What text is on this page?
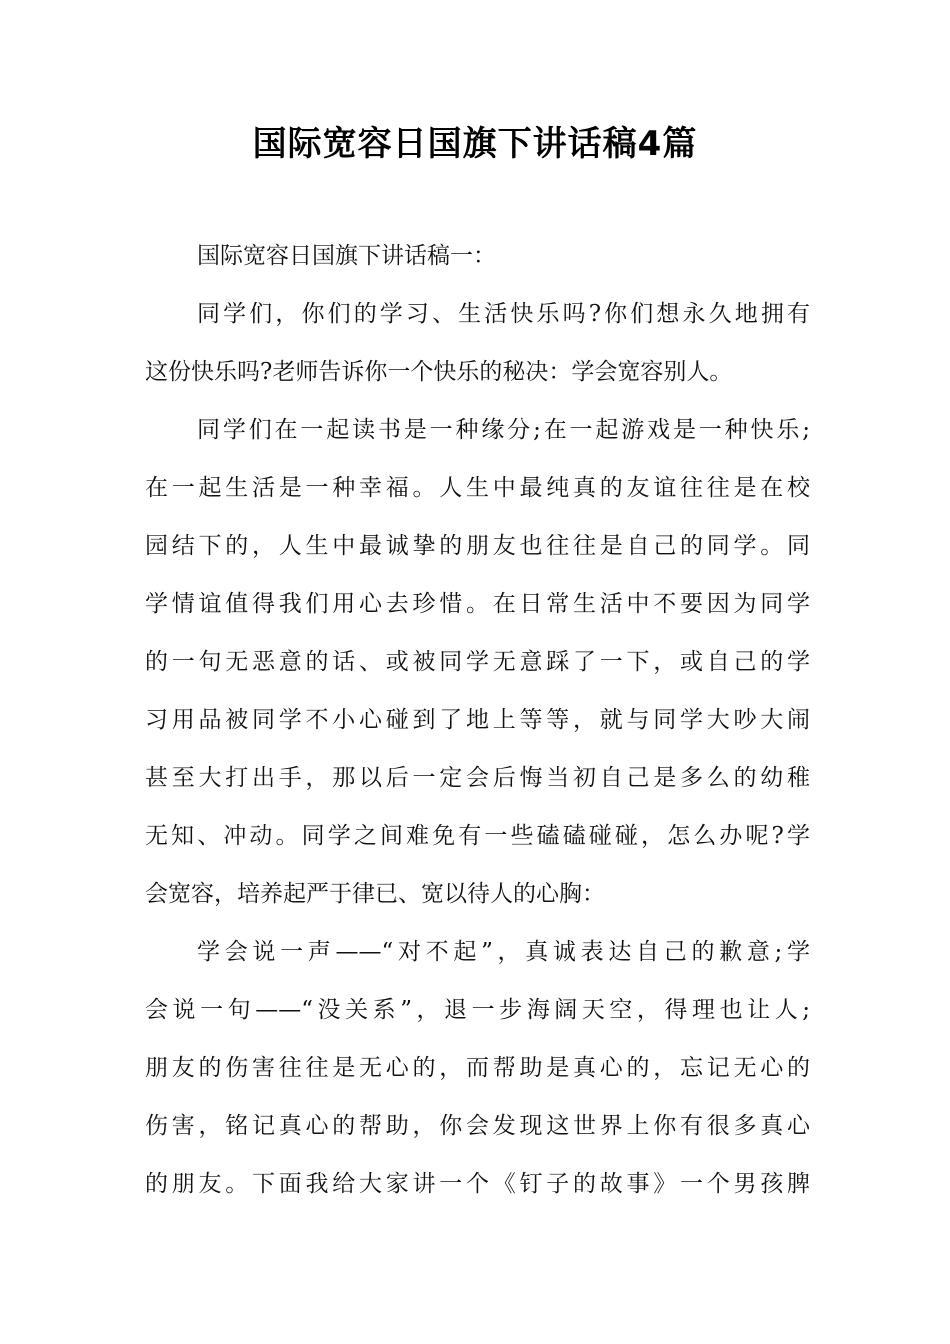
国际宽容日国旗下讲话稿4篇
国际宽容日国旗下讲话稿一：
同学们，你们的学习、生活快乐吗?你们想永久地拥有
这份快乐吗?老师告诉你一个快乐的秘决：学会宽容别人。
同学们在一起读书是一种缘分;在一起游戏是一种快乐;
在一起生活是一种幸福。人生中最纯真的友谊往往是在校
园结下的，人生中最诚挚的朋友也往往是自己的同学。同
学情谊值得我们用心去珍惜。在日常生活中不要因为同学
的一句无恶意的话、或被同学无意踩了一下，或自己的学
习用品被同学不小心碰到了地上等等，就与同学大吵大闹
甚至大打出手，那以后一定会后悔当初自己是多么的幼稚
无知、冲动。同学之间难免有一些磕磕碰碰，怎么办呢?学
会宽容，培养起严于律已、宽以待人的心胸：
学会说一声——“对不起”，真诚表达自己的歉意;学
会说一句——“没关系”，退一步海阔天空，得理也让人;
朋友的伤害往往是无心的，而帮助是真心的，忘记无心的
伤害，铭记真心的帮助，你会发现这世界上你有很多真心
的朋友。下面我给大家讲一个《钉子的故事》一个男孩脾
